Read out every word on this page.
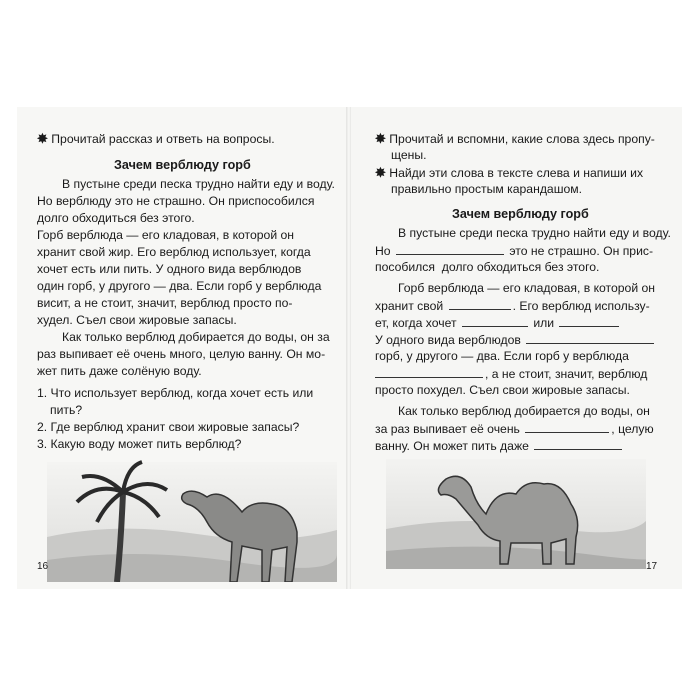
✸ Прочитай рассказ и ответь на вопросы.
Зачем верблюду горб
В пустыне среди песка трудно найти еду и воду.
Но верблюду это не страшно. Он приспособился
долго обходиться без этого.
Горб верблюда — его кладовая, в которой он
хранит свой жир. Его верблюд использует, когда
хочет есть или пить. У одного вида верблюдов
один горб, у другого — два. Если горб у верблюда
висит, а не стоит, значит, верблюд просто по-
худел. Съел свои жировые запасы.
Как только верблюд добирается до воды, он за
раз выпивает её очень много, целую ванну. Он мо-
жет пить даже солёную воду.
1. Что использует верблюд, когда хочет есть или
пить?
2. Где верблюд хранит свои жировые запасы?
3. Какую воду может пить верблюд?
16
✸ Прочитай и вспомни, какие слова здесь пропу-
щены.
✸ Найди эти слова в тексте слева и напиши их
правильно простым карандашом.
Зачем верблюду горб
В пустыне среди песка трудно найти еду и воду.
Но	это не страшно. Он прис-
пособился  долго обходиться без этого.
Горб верблюда — его кладовая, в которой он
хранит свой	. Его верблюд использу-
ет, когда хочет	или
У одного вида верблюдов
горб, у другого — два. Если горб у верблюда
, а не стоит, значит, верблюд
просто похудел. Съел свои жировые запасы.
Как только верблюд добирается до воды, он
за раз выпивает её очень	, целую
ванну. Он может пить даже
17
